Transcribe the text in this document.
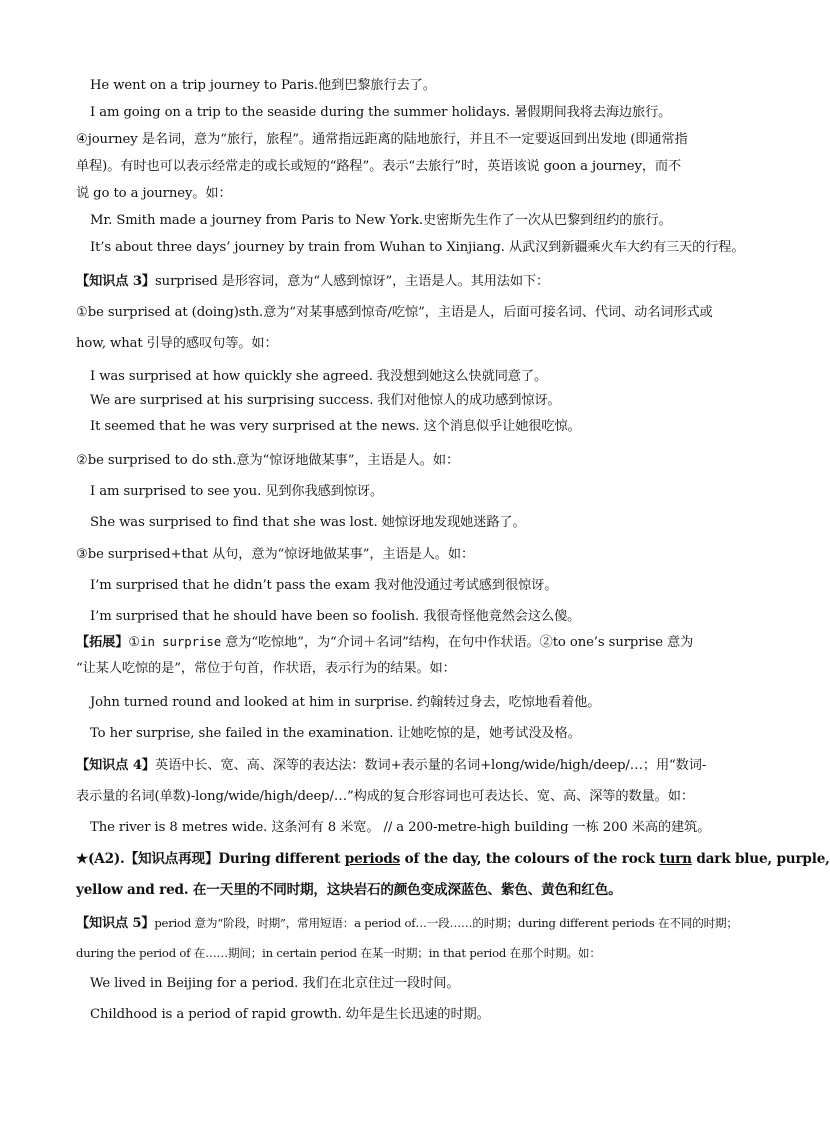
He went on a trip journey to Paris.他到巴黎旅行去了。
I am going on a trip to the seaside during the summer holidays. 暑假期间我将去海边旅行。
④journey 是名词，意为“旅行，旅程”。通常指远距离的陆地旅行，并且不一定要返回到出发地 (即通常指
单程)。有时也可以表示经常走的或长或短的“路程”。表示“去旅行”时，英语该说 goon a journey，而不
说 go to a journey。如：
Mr. Smith made a journey from Paris to New York.史密斯先生作了一次从巴黎到纽约的旅行。
It’s about three days’ journey by train from Wuhan to Xinjiang. 从武汉到新疆乘火车大约有三天的行程。
【知识点 3】surprised 是形容词，意为“人感到惊讶”，主语是人。其用法如下：
①be surprised at (doing)sth.意为“对某事感到惊奇/吃惊”，主语是人，后面可接名词、代词、动名词形式或
how, what 引导的感叹句等。如：
I was surprised at how quickly she agreed. 我没想到她这么快就同意了。
We are surprised at his surprising success. 我们对他惊人的成功感到惊讶。
It seemed that he was very surprised at the news. 这个消息似乎让她很吃惊。
②be surprised to do sth.意为“惊讶地做某事”，主语是人。如：
I am surprised to see you. 见到你我感到惊讶。
She was surprised to find that she was lost. 她惊讶地发现她迷路了。
③be surprised+that 从句，意为“惊讶地做某事”，主语是人。如：
I’m surprised that he didn’t pass the exam 我对他没通过考试感到很惊讶。
I’m surprised that he should have been so foolish. 我很奇怪他竟然会这么傻。
【拓展】①in surprise 意为“吃惊地”，为“介词＋名词”结构，在句中作状语。②to one’s surprise 意为
“让某人吃惊的是”，常位于句首，作状语，表示行为的结果。如：
John turned round and looked at him in surprise. 约翰转过身去，吃惊地看着他。
To her surprise, she failed in the examination. 让她吃惊的是，她考试没及格。
【知识点 4】英语中长、宽、高、深等的表达法：数词+表示量的名词+long/wide/high/deep/…；用“数词-
表示量的名词(单数)-long/wide/high/deep/…”构成的复合形容词也可表达长、宽、高、深等的数量。如：
The river is 8 metres wide. 这条河有 8 米宽。 // a 200-metre-high building 一栋 200 米高的建筑。
★(A2).【知识点再现】During different periods of the day, the colours of the rock turn dark blue, purple,
yellow and red. 在一天里的不同时期，这块岩石的颜色变成深蓝色、紫色、黄色和红色。
【知识点 5】period 意为“阶段，时期”，常用短语：a period of…一段……的时期；during different periods 在不同的时期；
during the period of 在……期间；in certain period 在某一时期；in that period 在那个时期。如：
We lived in Beijing for a period. 我们在北京住过一段时间。
Childhood is a period of rapid growth. 幼年是生长迅速的时期。
